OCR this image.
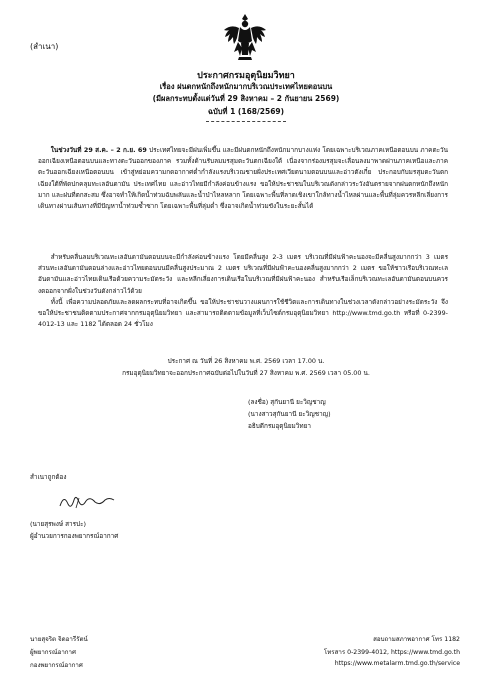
(สำเนา)
ประกาศกรมอุตุนิยมวิทยา
เรื่อง ฝนตกหนักถึงหนักมากบริเวณประเทศไทยตอนบน
(มีผลกระทบตั้งแต่วันที่ 29 สิงหาคม – 2 กันยายน 2569)
ฉบับที่ 1 (168/2569)
  ในช่วงวันที่ 29 ส.ค. – 2 ก.ย. 69 ประเทศไทยจะมีฝนเพิ่มขึ้น และมีฝนตกหนักถึงหนักมากบางแห่ง โดยเฉพาะบริเวณภาคเหนือตอนบน ภาคตะวันออกเฉียงเหนือตอนบนและทางตะวันออกของภาค รวมทั้งด้านรับลมมรสุมตะวันตกเฉียงใต้ เนื่องจากร่องมรสุมจะเลื่อนลงมาพาดผ่านภาคเหนือและภาคตะวันออกเฉียงเหนือตอนบน เข้าสู่หย่อมความกดอากาศต่ำกำลังแรงบริเวณชายฝั่งประเทศเวียดนามตอนบนและอ่าวตังเกี๋ย ประกอบกับมรสุมตะวันตกเฉียงใต้ที่พัดปกคลุมทะเลอันดามัน ประเทศไทย และอ่าวไทยมีกำลังค่อนข้างแรง ขอให้ประชาชนในบริเวณดังกล่าวระวังอันตรายจากฝนตกหนักถึงหนักมาก และฝนที่ตกสะสม ซึ่งอาจทำให้เกิดน้ำท่วมฉับพลันและน้ำป่าไหลหลาก โดยเฉพาะพื้นที่ลาดเชิงเขาใกล้ทางน้ำไหลผ่านและพื้นที่ลุ่มควรหลีกเลี่ยงการเดินทางผ่านเส้นทางที่มีปัญหาน้ำท่วมซ้ำซาก โดยเฉพาะพื้นที่ลุ่มต่ำ ซึ่งอาจเกิดน้ำท่วมขังในระยะสั้นได้
  สำหรับคลื่นลมบริเวณทะเลอันดามันตอนบนจะมีกำลังค่อนข้างแรง โดยมีคลื่นสูง 2-3 เมตร บริเวณที่มีฝนฟ้าคะนองจะมีคลื่นสูงมากกว่า 3 เมตร ส่วนทะเลอันดามันตอนล่างและอ่าวไทยตอนบนมีคลื่นสูงประมาณ 2 เมตร บริเวณที่มีฝนฟ้าคะนองคลื่นสูงมากกว่า 2 เมตร ขอให้ชาวเรือบริเวณทะเลอันดามันและอ่าวไทยเดินเรือด้วยความระมัดระวัง และหลีกเลี่ยงการเดินเรือในบริเวณที่มีฝนฟ้าคะนอง สำหรับเรือเล็กบริเวณทะเลอันดามันตอนบนควรงดออกจากฝั่งในช่วงวันดังกล่าวไว้ด้วย
  ทั้งนี้ เพื่อความปลอดภัยและลดผลกระทบที่อาจเกิดขึ้น ขอให้ประชาชนวางแผนการใช้ชีวิตและการเดินทางในช่วงเวลาดังกล่าวอย่างระมัดระวัง จึงขอให้ประชาชนติดตามประกาศจากกรมอุตุนิยมวิทยา และสามารถติดตามข้อมูลที่เว็บไซต์กรมอุตุนิยมวิทยา http://www.tmd.go.th หรือที่ 0-2399-4012-13 และ 1182 ได้ตลอด 24 ชั่วโมง
ประกาศ ณ วันที่ 26 สิงหาคม พ.ศ. 2569 เวลา 17.00 น.
กรมอุตุนิยมวิทยาจะออกประกาศฉบับต่อไปในวันที่ 27 สิงหาคม พ.ศ. 2569 เวลา 05.00 น.
(ลงชื่อ) สุกันยานี ยะวิญชาญ
(นางสาวสุกันยานี ยะวิญชาญ)
อธิบดีกรมอุตุนิยมวิทยา
สำเนาถูกต้อง
(นายสุรพงษ์ สารปะ)
ผู้อำนวยการกองพยากรณ์อากาศ
นายสุจริต จิดอารีรัตน์
ผู้พยากรณ์อากาศ
กองพยากรณ์อากาศ
สอบถามสภาพอากาศ โทร 1182
โทรสาร 0-2399-4012, https://www.tmd.go.th
https://www.metalarm.tmd.go.th/service
